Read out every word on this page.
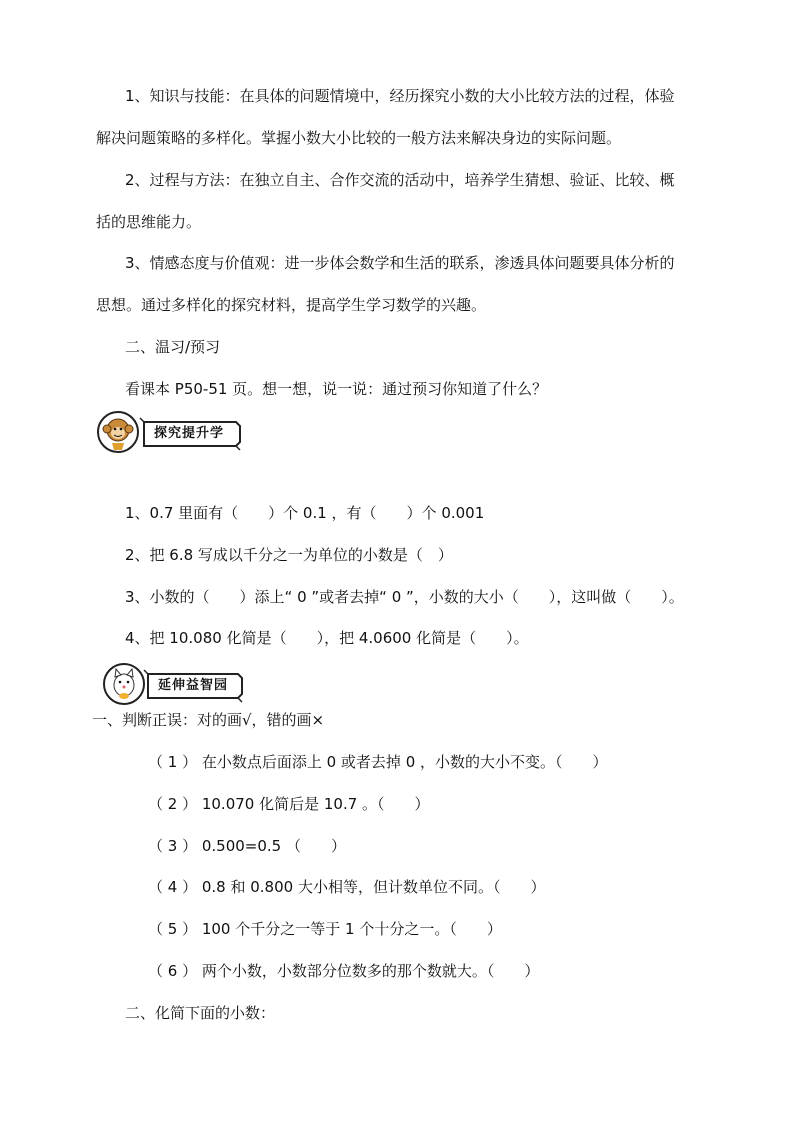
1、知识与技能：在具体的问题情境中，经历探究小数的大小比较方法的过程，体验
解决问题策略的多样化。掌握小数大小比较的一般方法来解决身边的实际问题。
2、过程与方法：在独立自主、合作交流的活动中，培养学生猜想、验证、比较、概
括的思维能力。
3、情感态度与价值观：进一步体会数学和生活的联系，渗透具体问题要具体分析的
思想。通过多样化的探究材料，提高学生学习数学的兴趣。
二、温习/预习
看课本 P50-51 页。想一想，说一说：通过预习你知道了什么？
探究提升学
1、0.7 里面有（　　）个 0.1 ，有（　　）个 0.001
2、把 6.8 写成以千分之一为单位的小数是（　）
3、小数的（　　）添上“ 0 ”或者去掉“ 0 ”，小数的大小（　　），这叫做（　　）。
4、把 10.080 化简是（　　），把 4.0600 化简是（　　）。
延伸益智园
一、判断正误：对的画√，错的画×
（ 1 ） 在小数点后面添上 0 或者去掉 0 ，小数的大小不变。（　　）
（ 2 ） 10.070 化简后是 10.7 。（　　）
（ 3 ） 0.500=0.5 （　　）
（ 4 ） 0.8 和 0.800 大小相等，但计数单位不同。（　　）
（ 5 ） 100 个千分之一等于 1 个十分之一。（　　）
（ 6 ） 两个小数，小数部分位数多的那个数就大。（　　）
二、化简下面的小数：
